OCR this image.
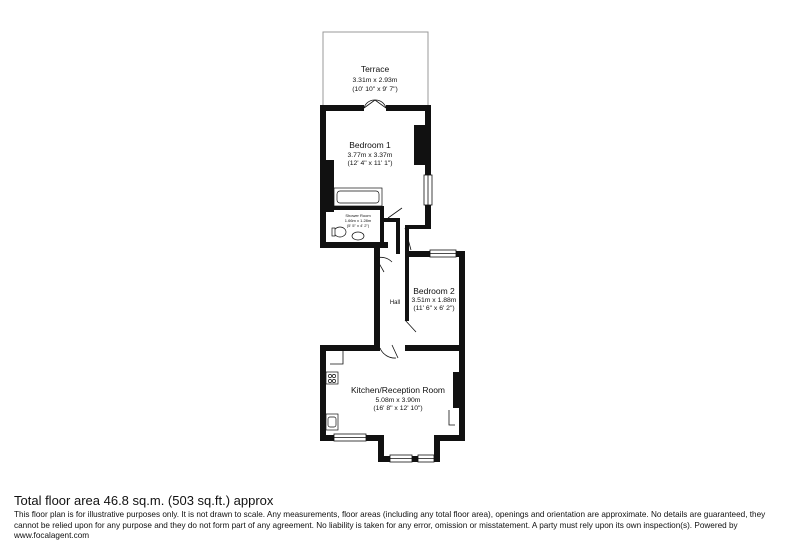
Terrace
3.31m x 2.93m
(10' 10" x 9' 7")
Bedroom 1
3.77m x 3.37m
(12' 4" x 11' 1")
Shower Room
1.66m x 1.28m
(5' 5" x 4' 2")
Bedroom 2
3.51m x 1.88m
(11' 6" x 6' 2")
Hall
Kitchen/Reception Room
5.08m x 3.90m
(16' 8" x 12' 10")

Total floor area 46.8 sq.m. (503 sq.ft.) approx

This floor plan is for illustrative purposes only. It is not drawn to scale. Any measurements, floor areas (including any total floor area), openings and orientation are approximate. No details are guaranteed, they cannot be relied upon for any purpose and they do not form part of any agreement. No liability is taken for any error, omission or misstatement. A party must rely upon its own inspection(s). Powered by www.focalagent.com
